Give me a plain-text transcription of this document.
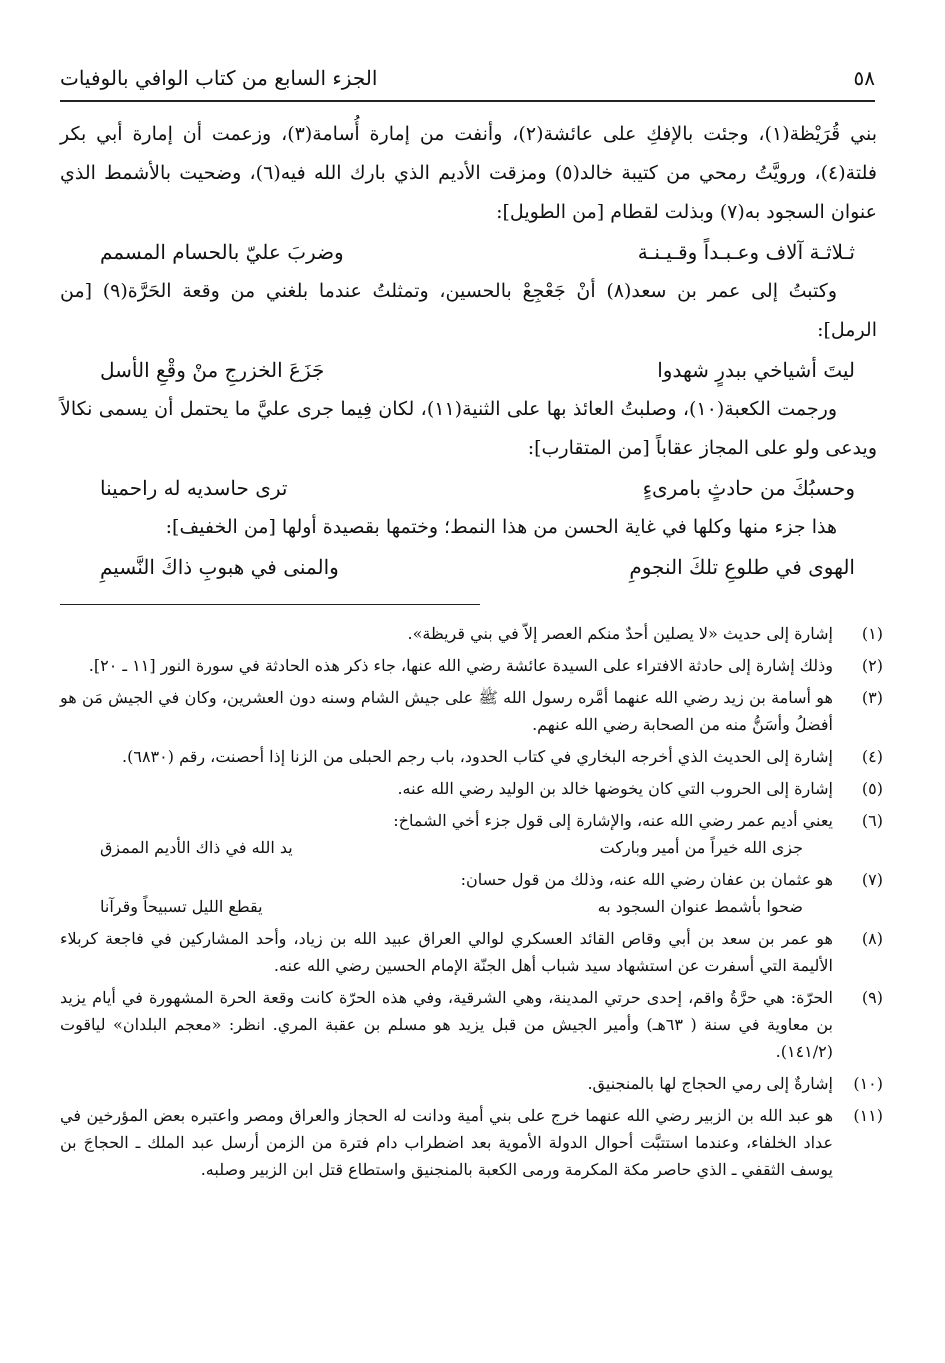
٥٨
الجزء السابع من كتاب الوافي بالوفيات

بني قُرَيْظة(١)، وجئت بالإفكِ على عائشة(٢)، وأنفت من إمارة أُسامة(٣)، وزعمت أن إمارة أبي بكر فلتة(٤)، ورويَّتُ رمحي من كتيبة خالد(٥) ومزقت الأديم الذي بارك الله فيه(٦)، وضحيت بالأشمط الذي عنوان السجود به(٧) وبذلت لقطام [من الطويل]:

ثـلاثـة آلاف وعـبـداً وقـيـنـة
وضربَ عليّ بالحسام المسمم

وكتبتُ إلى عمر بن سعد(٨) أنْ جَعْجِعْ بالحسين، وتمثلتُ عندما بلغني من وقعة الحَرَّة(٩) [من الرمل]:

ليتَ أشياخي ببدرٍ شهدوا
جَزَعَ الخزرجِ منْ وقْعِ الأسل

ورجمت الكعبة(١٠)، وصلبتُ العائذ بها على الثنية(١١)، لكان فِيما جرى عليَّ ما يحتمل أن يسمى نكالاً ويدعى ولو على المجاز عقاباً [من المتقارب]:

وحسبُكَ من حادثٍ بامرىءٍ
ترى حاسديه له راحمينا

هذا جزء منها وكلها في غاية الحسن من هذا النمط؛ وختمها بقصيدة أولها [من الخفيف]:

الهوى في طلوعِ تلكَ النجومِ
والمنى في هبوبِ ذاكَ النَّسيمِ
(١)
إشارة إلى حديث «لا يصلين أحدٌ منكم العصر إلاّ في بني قريظة».
(٢)
وذلك إشارة إلى حادثة الافتراء على السيدة عائشة رضي الله عنها، جاء ذكر هذه الحادثة في سورة النور [١١ ـ ٢٠].
(٣)
هو أسامة بن زيد رضي الله عنهما أمَّره رسول الله ﷺ على جيش الشام وسنه دون العشرين، وكان في الجيش مَن هو أفضلُ وأسَنُّ منه من الصحابة رضي الله عنهم.
(٤)
إشارة إلى الحديث الذي أخرجه البخاري في كتاب الحدود، باب رجم الحبلى من الزنا إذا أحصنت، رقم (٦٨٣٠).
(٥)
إشارة إلى الحروب التي كان يخوضها خالد بن الوليد رضي الله عنه.
(٦)
يعني أديم عمر رضي الله عنه، والإشارة إلى قول جزء أخي الشماخ:
جزى الله خيراً من أمير وباركت
يد الله في ذاك الأديم الممزق
(٧)
هو عثمان بن عفان رضي الله عنه، وذلك من قول حسان:
ضحوا بأشمط عنوان السجود به
يقطع الليل تسبيحاً وقرآنا
(٨)
هو عمر بن سعد بن أبي وقاص القائد العسكري لوالي العراق عبيد الله بن زياد، وأحد المشاركين في فاجعة كربلاء الأليمة التي أسفرت عن استشهاد سيد شباب أهل الجنّة الإمام الحسين رضي الله عنه.
(٩)
الحرّة: هي حرَّةُ واقم، إحدى حرتي المدينة، وهي الشرقية، وفي هذه الحرّة كانت وقعة الحرة المشهورة في أيام يزيد بن معاوية في سنة ( ٦٣هـ) وأمير الجيش من قبل يزيد هو مسلم بن عقبة المري. انظر: «معجم البلدان» لياقوت (١٤١/٢).
(١٠)
إشارةٌ إلى رمي الحجاج لها بالمنجنيق.
(١١)
هو عبد الله بن الزبير رضي الله عنهما خرج على بني أمية ودانت له الحجاز والعراق ومصر واعتبره بعض المؤرخين في عداد الخلفاء، وعندما استتبَّت أحوال الدولة الأموية بعد اضطراب دام فترة من الزمن أرسل عبد الملك ـ الحجاجَ بن يوسف الثقفي ـ الذي حاصر مكة المكرمة ورمى الكعبة بالمنجنيق واستطاع قتل ابن الزبير وصلبه.
